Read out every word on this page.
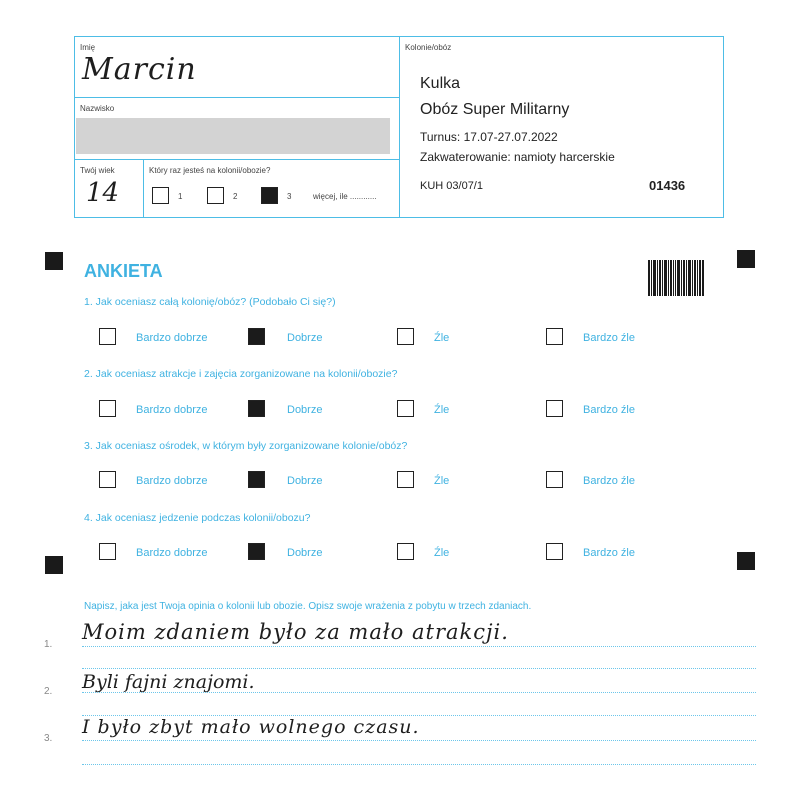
Imię
Marcin
Nazwisko
Twój wiek
14
Który raz jesteś na kolonii/obozie?
1	2	3	więcej, ile ............
Kolonie/obóz
Kulka
Obóz Super Militarny
Turnus: 17.07-27.07.2022
Zakwaterowanie: namioty harcerskie
KUH 03/07/1	01436
ANKIETA
1. Jak oceniasz całą kolonię/obóz? (Podobało Ci się?)
Bardzo dobrze	Dobrze	Źle	Bardzo źle
2. Jak oceniasz atrakcje i zajęcia zorganizowane na kolonii/obozie?
Bardzo dobrze	Dobrze	Źle	Bardzo źle
3. Jak oceniasz ośrodek, w którym były zorganizowane kolonie/obóz?
Bardzo dobrze	Dobrze	Źle	Bardzo źle
4. Jak oceniasz jedzenie podczas kolonii/obozu?
Bardzo dobrze	Dobrze	Źle	Bardzo źle
Napisz, jaka jest Twoja opinia o kolonii lub obozie. Opisz swoje wrażenia z pobytu w trzech zdaniach.
1.
Moim zdaniem było za mało atrakcji.
2. Byli fajni znajomi.
3.
I było zbyt mało wolnego czasu.
